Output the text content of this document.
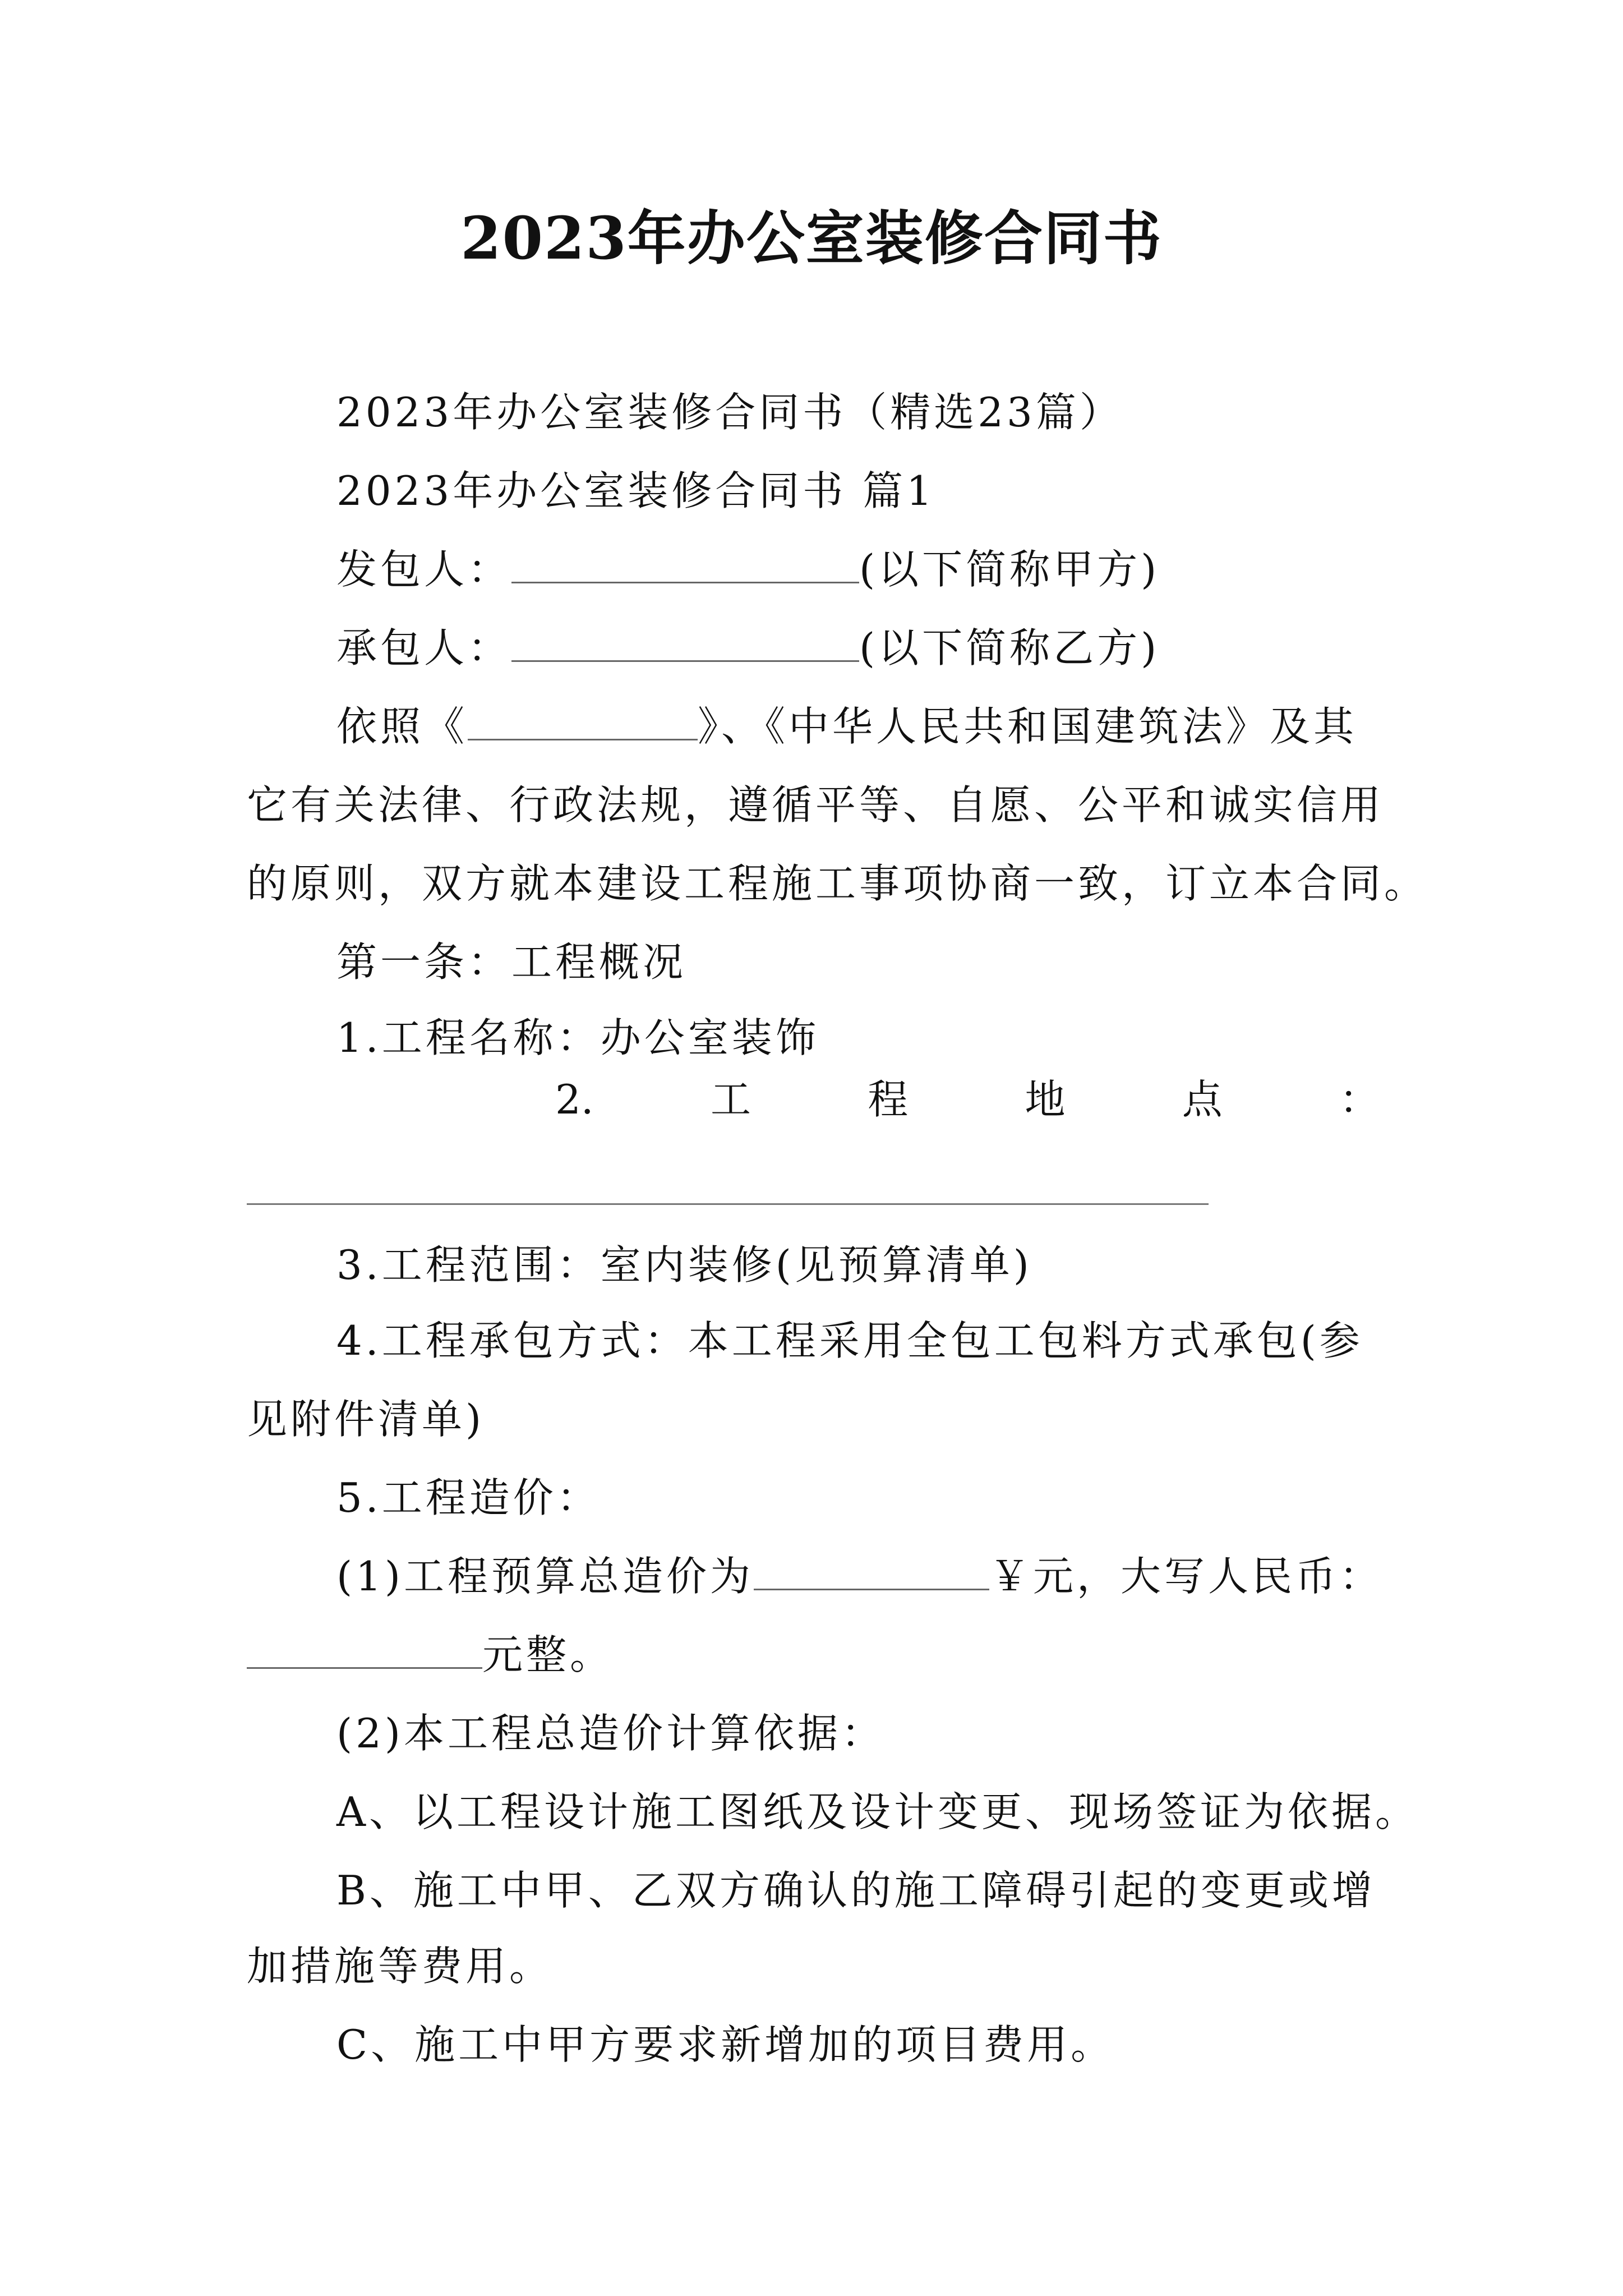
2023年办公室装修合同书
2023年办公室装修合同书（精选23篇）
2023年办公室装修合同书 篇1
发包人：	(以下简称甲方)
承包人：	(以下简称乙方)
依照《	》、《中华人民共和国建筑法》及其
它有关法律、行政法规，遵循平等、自愿、公平和诚实信用
的原则，双方就本建设工程施工事项协商一致，订立本合同。
第一条：工程概况
1.工程名称：办公室装饰
2.	工	程	地	点	：
3.工程范围：室内装修(见预算清单)
4.工程承包方式：本工程采用全包工包料方式承包(参
见附件清单)
5.工程造价：
(1)工程预算总造价为	￥元，大写人民币：
元整。
(2)本工程总造价计算依据：
A、以工程设计施工图纸及设计变更、现场签证为依据。
B、施工中甲、乙双方确认的施工障碍引起的变更或增
加措施等费用。
C、施工中甲方要求新增加的项目费用。
